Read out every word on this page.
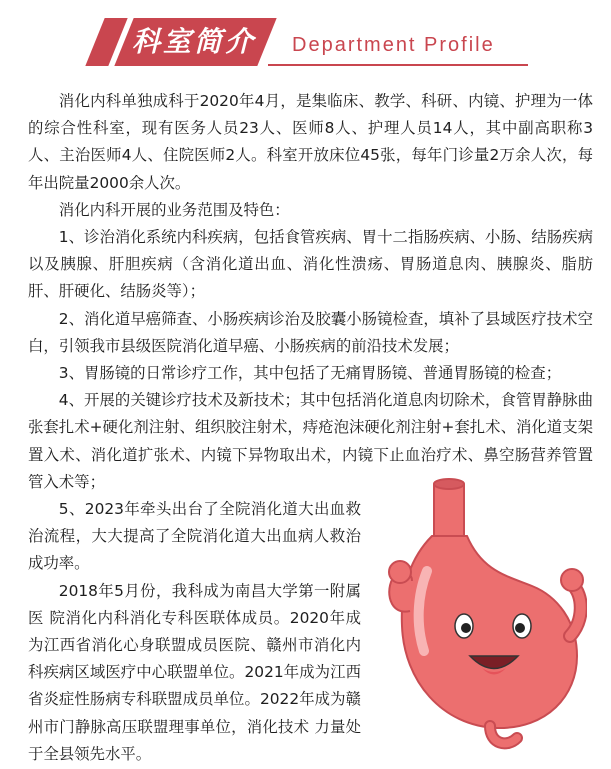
科室简介	Department Profile

消化内科单独成科于2020年4月，是集临床、教学、科研、内镜、护理为一体的综合性科室，现有医务人员23人、医师8人、护理人员14人，其中副高职称3人、主治医师4人、住院医师2人。科室开放床位45张，每年门诊量2万余人次，每年出院量2000余人次。

消化内科开展的业务范围及特色：

1、诊治消化系统内科疾病，包括食管疾病、胃十二指肠疾病、小肠、结肠疾病以及胰腺、肝胆疾病（含消化道出血、消化性溃疡、胃肠道息肉、胰腺炎、脂肪肝、肝硬化、结肠炎等）；

2、消化道早癌筛查、小肠疾病诊治及胶囊小肠镜检查，填补了县域医疗技术空白，引领我市县级医院消化道早癌、小肠疾病的前沿技术发展；

3、胃肠镜的日常诊疗工作，其中包括了无痛胃肠镜、普通胃肠镜的检查；

4、开展的关键诊疗技术及新技术；其中包括消化道息肉切除术，食管胃静脉曲张套扎术+硬化剂注射、组织胶注射术，痔疮泡沫硬化剂注射+套扎术、消化道支架置入术、消化道扩张术、内镜下异物取出术，内镜下止血治疗术、鼻空肠营养管置管入术等；

5、2023年牵头出台了全院消化道大出血救治流程，大大提高了全院消化道大出血病人救治成功率。

2018年5月份，我科成为南昌大学第一附属医 院消化内科消化专科医联体成员。2020年成为江西省消化心身联盟成员医院、赣州市消化内科疾病区域医疗中心联盟单位。2021年成为江西省炎症性肠病专科联盟成员单位。2022年成为赣州市门静脉高压联盟理事单位，消化技术 力量处于全县领先水平。
